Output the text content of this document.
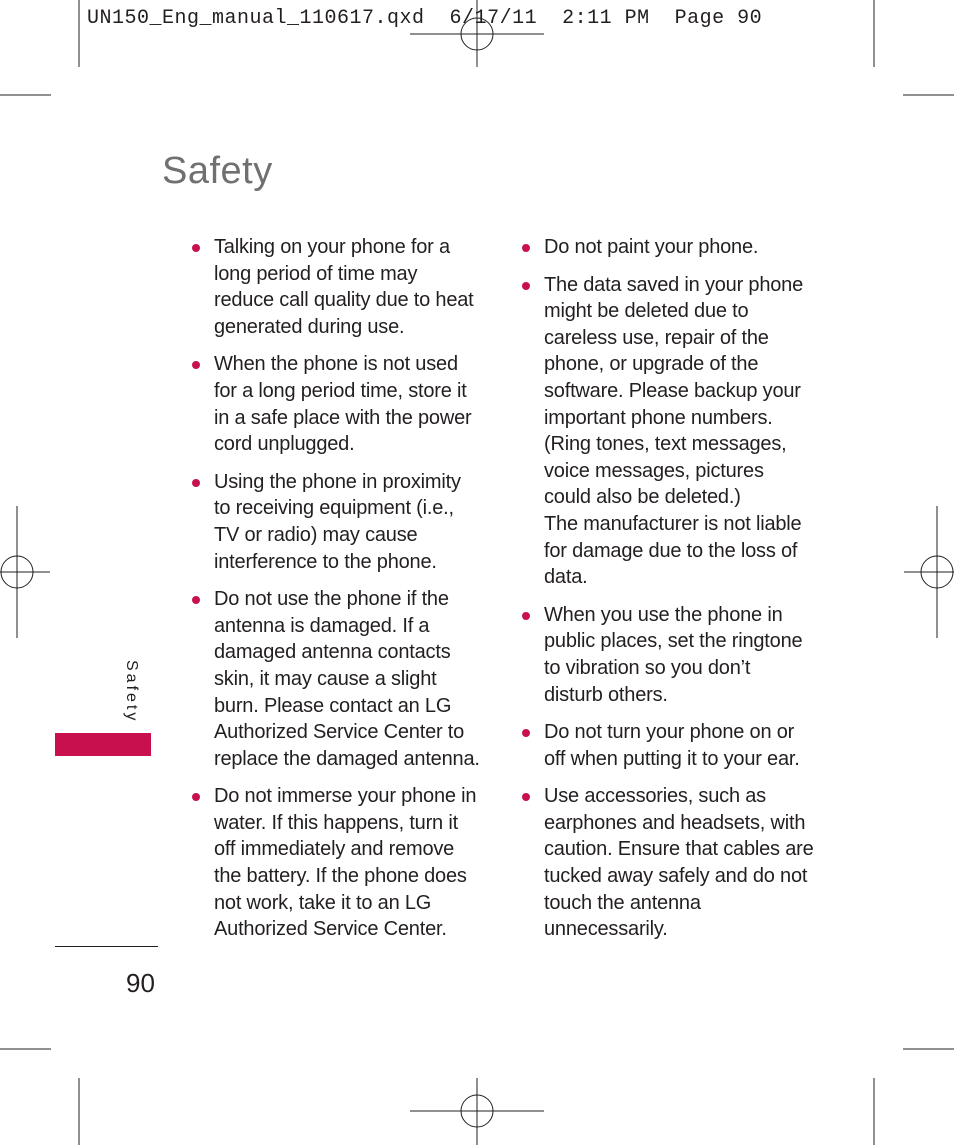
UN150_Eng_manual_110617.qxd  6/17/11  2:11 PM  Page 90
Safety
Talking on your phone for a long period of time may reduce call quality due to heat generated during use.
When the phone is not used for a long period time, store it in a safe place with the power cord unplugged.
Using the phone in proximity to receiving equipment (i.e., TV or radio) may cause interference to the phone.
Do not use the phone if the antenna is damaged. If a damaged antenna contacts skin, it may cause a slight burn. Please contact an LG Authorized Service Center to replace the damaged antenna.
Do not immerse your phone in water. If this happens, turn it off immediately and remove the battery. If the phone does not work, take it to an LG Authorized Service Center.
Do not paint your phone.
The data saved in your phone might be deleted due to careless use, repair of the phone, or upgrade of the software. Please backup your important phone numbers. (Ring tones, text messages, voice messages, pictures could also be deleted.)
The manufacturer is not liable for damage due to the loss of data.
When you use the phone in public places, set the ringtone to vibration so you don’t disturb others.
Do not turn your phone on or off when putting it to your ear.
Use accessories, such as earphones and headsets, with caution. Ensure that cables are tucked away safely and do not touch the antenna unnecessarily.
Safety
90
